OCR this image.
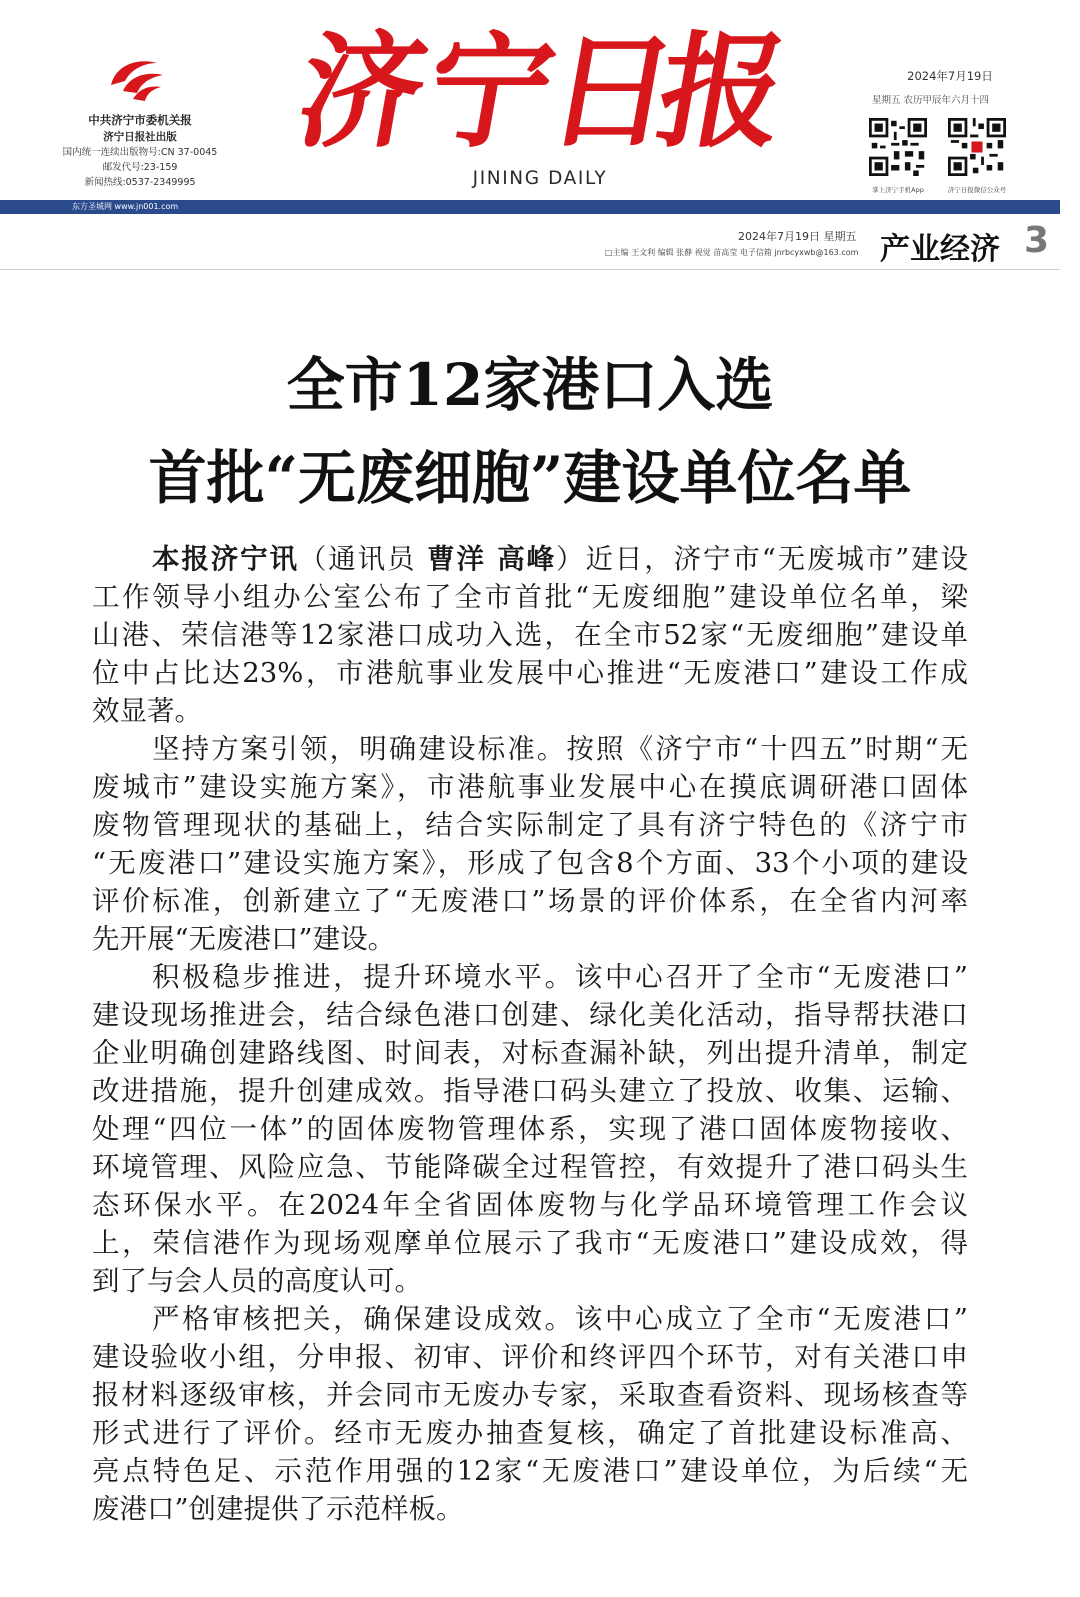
中共济宁市委机关报
济宁日报社出版
国内统一连续出版物号:CN 37-0045
邮发代号:23-159
新闻热线:0537-2349995
济
宁
日
报
JINING DAILY
2024年7月19日
星期五 农历甲辰年六月十四
掌上济宁手机App	济宁日报微信公众号
东方圣城网 www.jn001.com
2024年7月19日 星期五
□主编 王文利 编辑 张静 视觉 苗高莹 电子信箱 jnrbcyxwb@163.com 产业经济 3
全市12家港口入选
首批“无废细胞”建设单位名单
本报济宁讯（通讯员 曹洋 高峰）近日，济宁市“无废城市”建设
工作领导小组办公室公布了全市首批“无废细胞”建设单位名单，梁
山港、荣信港等12家港口成功入选，在全市52家“无废细胞”建设单
位中占比达23%，市港航事业发展中心推进“无废港口”建设工作成
效显著。
坚持方案引领，明确建设标准。按照《济宁市“十四五”时期“无
废城市”建设实施方案》，市港航事业发展中心在摸底调研港口固体
废物管理现状的基础上，结合实际制定了具有济宁特色的《济宁市
“无废港口”建设实施方案》，形成了包含8个方面、33个小项的建设
评价标准，创新建立了“无废港口”场景的评价体系，在全省内河率
先开展“无废港口”建设。
积极稳步推进，提升环境水平。该中心召开了全市“无废港口”
建设现场推进会，结合绿色港口创建、绿化美化活动，指导帮扶港口
企业明确创建路线图、时间表，对标查漏补缺，列出提升清单，制定
改进措施，提升创建成效。指导港口码头建立了投放、收集、运输、
处理“四位一体”的固体废物管理体系，实现了港口固体废物接收、
环境管理、风险应急、节能降碳全过程管控，有效提升了港口码头生
态环保水平。在2024年全省固体废物与化学品环境管理工作会议
上，荣信港作为现场观摩单位展示了我市“无废港口”建设成效，得
到了与会人员的高度认可。
严格审核把关，确保建设成效。该中心成立了全市“无废港口”
建设验收小组，分申报、初审、评价和终评四个环节，对有关港口申
报材料逐级审核，并会同市无废办专家，采取查看资料、现场核查等
形式进行了评价。经市无废办抽查复核，确定了首批建设标准高、
亮点特色足、示范作用强的12家“无废港口”建设单位，为后续“无
废港口”创建提供了示范样板。
